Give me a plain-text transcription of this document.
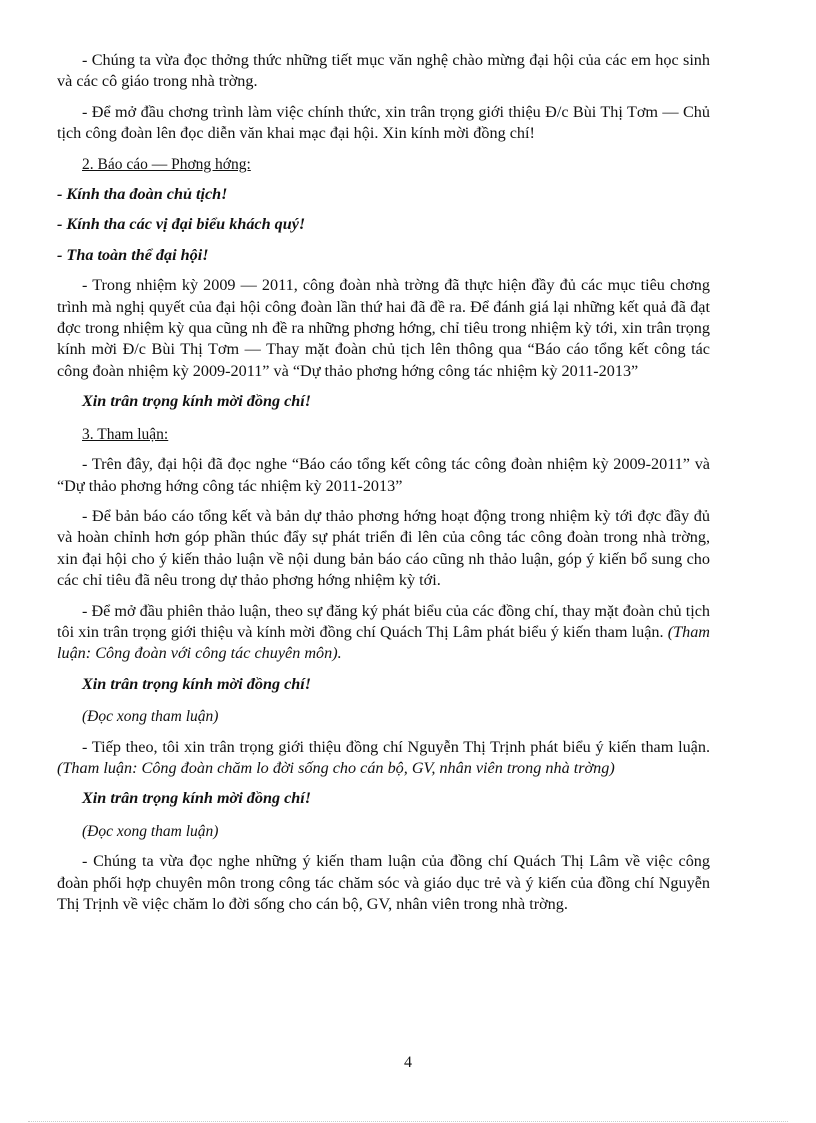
- Chúng ta vừa đọc thởng thức những tiết mục văn nghệ chào mừng đại hội của các em học sinh và các cô giáo trong nhà trờng.

- Để mở đầu chơng trình làm việc chính thức, xin trân trọng giới thiệu Đ/c Bùi Thị Tơm — Chủ tịch công đoàn lên đọc diễn văn khai mạc đại hội. Xin kính mời đồng chí!

2. Báo cáo — Phơng hớng:

- Kính tha đoàn chủ tịch!

- Kính tha các vị đại biểu khách quý!

- Tha toàn thể đại hội!

- Trong nhiệm kỳ 2009 — 2011, công đoàn nhà trờng đã thực hiện đầy đủ các mục tiêu chơng trình mà nghị quyết của đại hội công đoàn lần thứ hai đã đề ra. Để đánh giá lại những kết quả đã đạt đợc trong nhiệm kỳ qua cũng nh đề ra những phơng hớng, chỉ tiêu trong nhiệm kỳ tới, xin trân trọng kính mời Đ/c Bùi Thị Tơm — Thay mặt đoàn chủ tịch lên thông qua “Báo cáo tổng kết công tác công đoàn nhiệm kỳ 2009-2011” và “Dự thảo phơng hớng công tác nhiệm kỳ 2011-2013”

Xin trân trọng kính mời đồng chí!

3. Tham luận:

- Trên đây, đại hội đã đọc nghe “Báo cáo tổng kết công tác công đoàn nhiệm kỳ 2009-2011” và “Dự thảo phơng hớng công tác nhiệm kỳ 2011-2013”

- Để bản báo cáo tổng kết và bản dự thảo phơng hớng hoạt động trong nhiệm kỳ tới đợc đầy đủ và hoàn chỉnh hơn góp phần thúc đẩy sự phát triển đi lên của công tác công đoàn trong nhà trờng, xin đại hội cho ý kiến thảo luận về nội dung bản báo cáo cũng nh thảo luận, góp ý kiến bổ sung cho các chỉ tiêu đã nêu trong dự thảo phơng hớng nhiệm kỳ tới.

- Để mở đầu phiên thảo luận, theo sự đăng ký phát biểu của các đồng chí, thay mặt đoàn chủ tịch tôi xin trân trọng giới thiệu và kính mời đồng chí Quách Thị Lâm phát biểu ý kiến tham luận. (Tham luận: Công đoàn với công tác chuyên môn).

Xin trân trọng kính mời đồng chí!

(Đọc xong tham luận)

- Tiếp theo, tôi xin trân trọng giới thiệu đồng chí Nguyễn Thị Trịnh phát biểu ý kiến tham luận. (Tham luận: Công đoàn chăm lo đời sống cho cán bộ, GV, nhân viên trong nhà trờng)

Xin trân trọng kính mời đồng chí!

(Đọc xong tham luận)

- Chúng ta vừa đọc nghe những ý kiến tham luận của đồng chí Quách Thị Lâm về việc công đoàn phối hợp chuyên môn trong công tác chăm sóc và giáo dục trẻ và ý kiến của đồng chí Nguyễn Thị Trịnh về việc chăm lo đời sống cho cán bộ, GV, nhân viên trong nhà trờng.

4
